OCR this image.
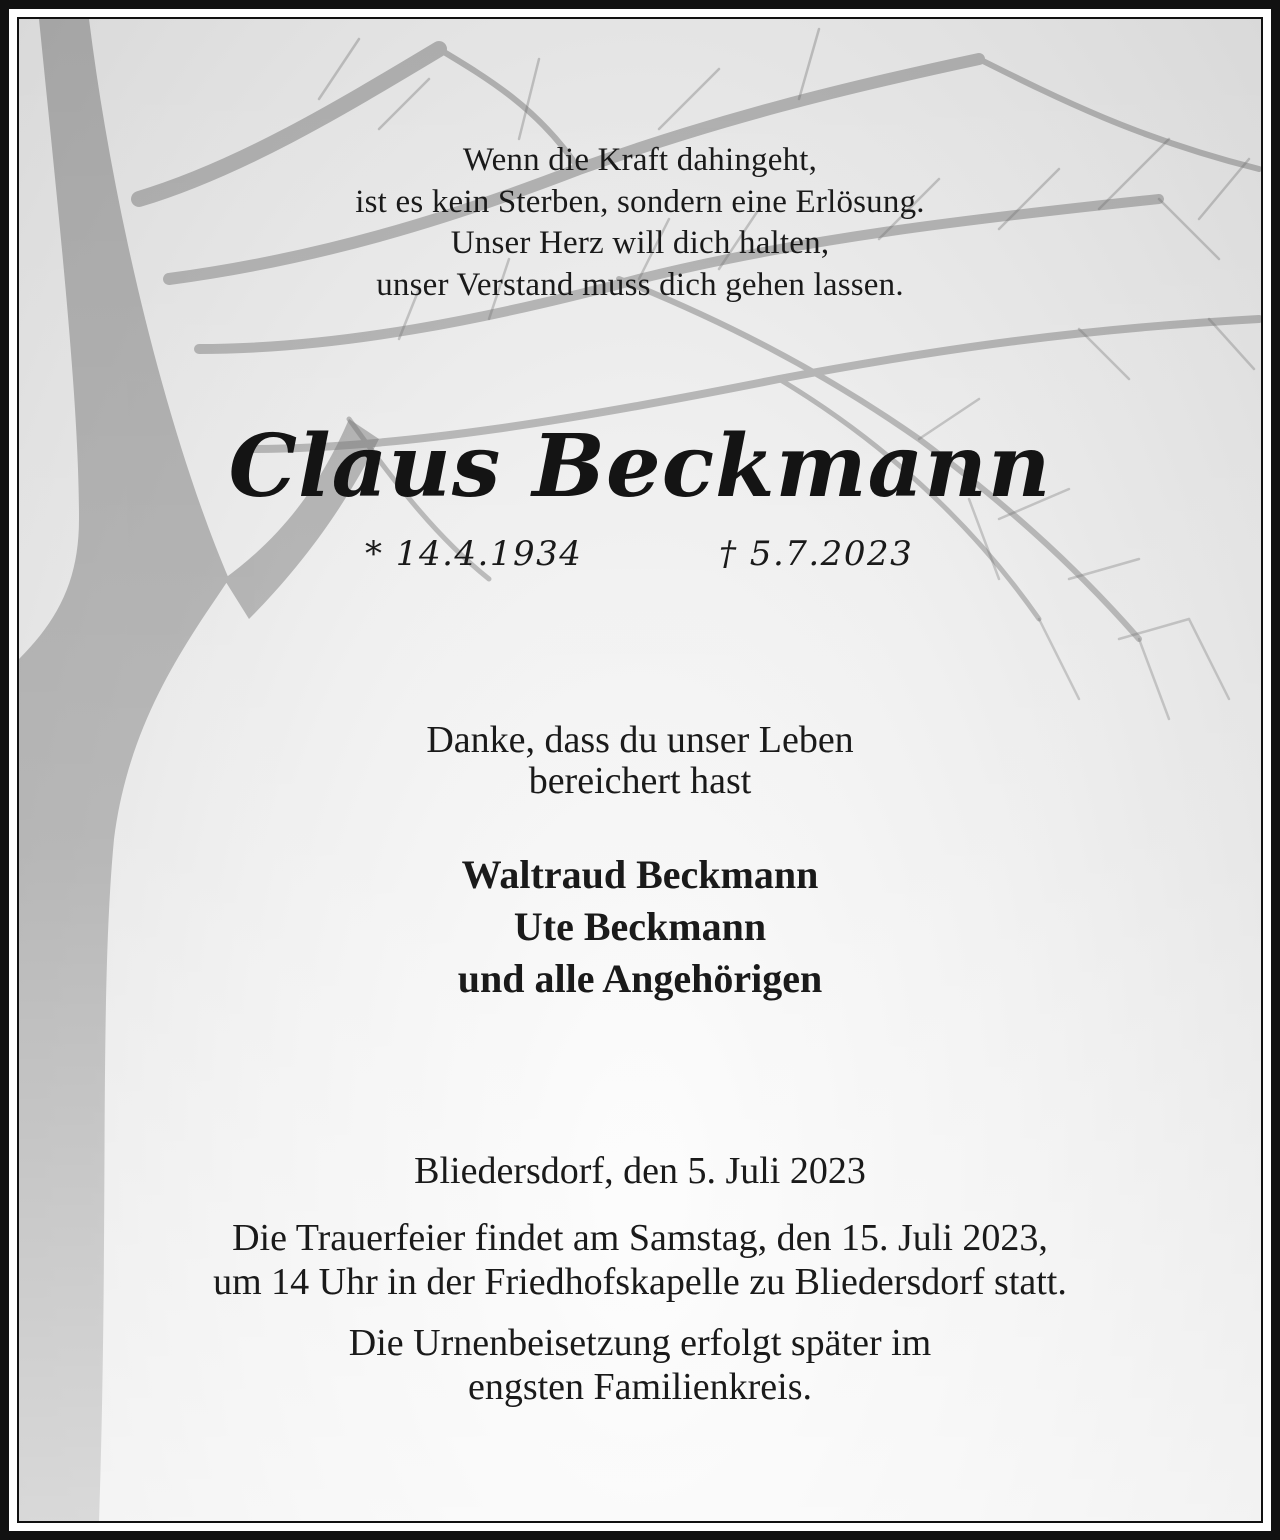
Wenn die Kraft dahingeht,
ist es kein Sterben, sondern eine Erlösung.
Unser Herz will dich halten,
unser Verstand muss dich gehen lassen.
Claus Beckmann
* 14.4.1934	† 5.7.2023
Danke, dass du unser Leben
bereichert hast
Waltraud Beckmann
Ute Beckmann
und alle Angehörigen
Bliedersdorf, den 5. Juli 2023
Die Trauerfeier findet am Samstag, den 15. Juli 2023,
um 14 Uhr in der Friedhofskapelle zu Bliedersdorf statt.
Die Urnenbeisetzung erfolgt später im
engsten Familienkreis.
